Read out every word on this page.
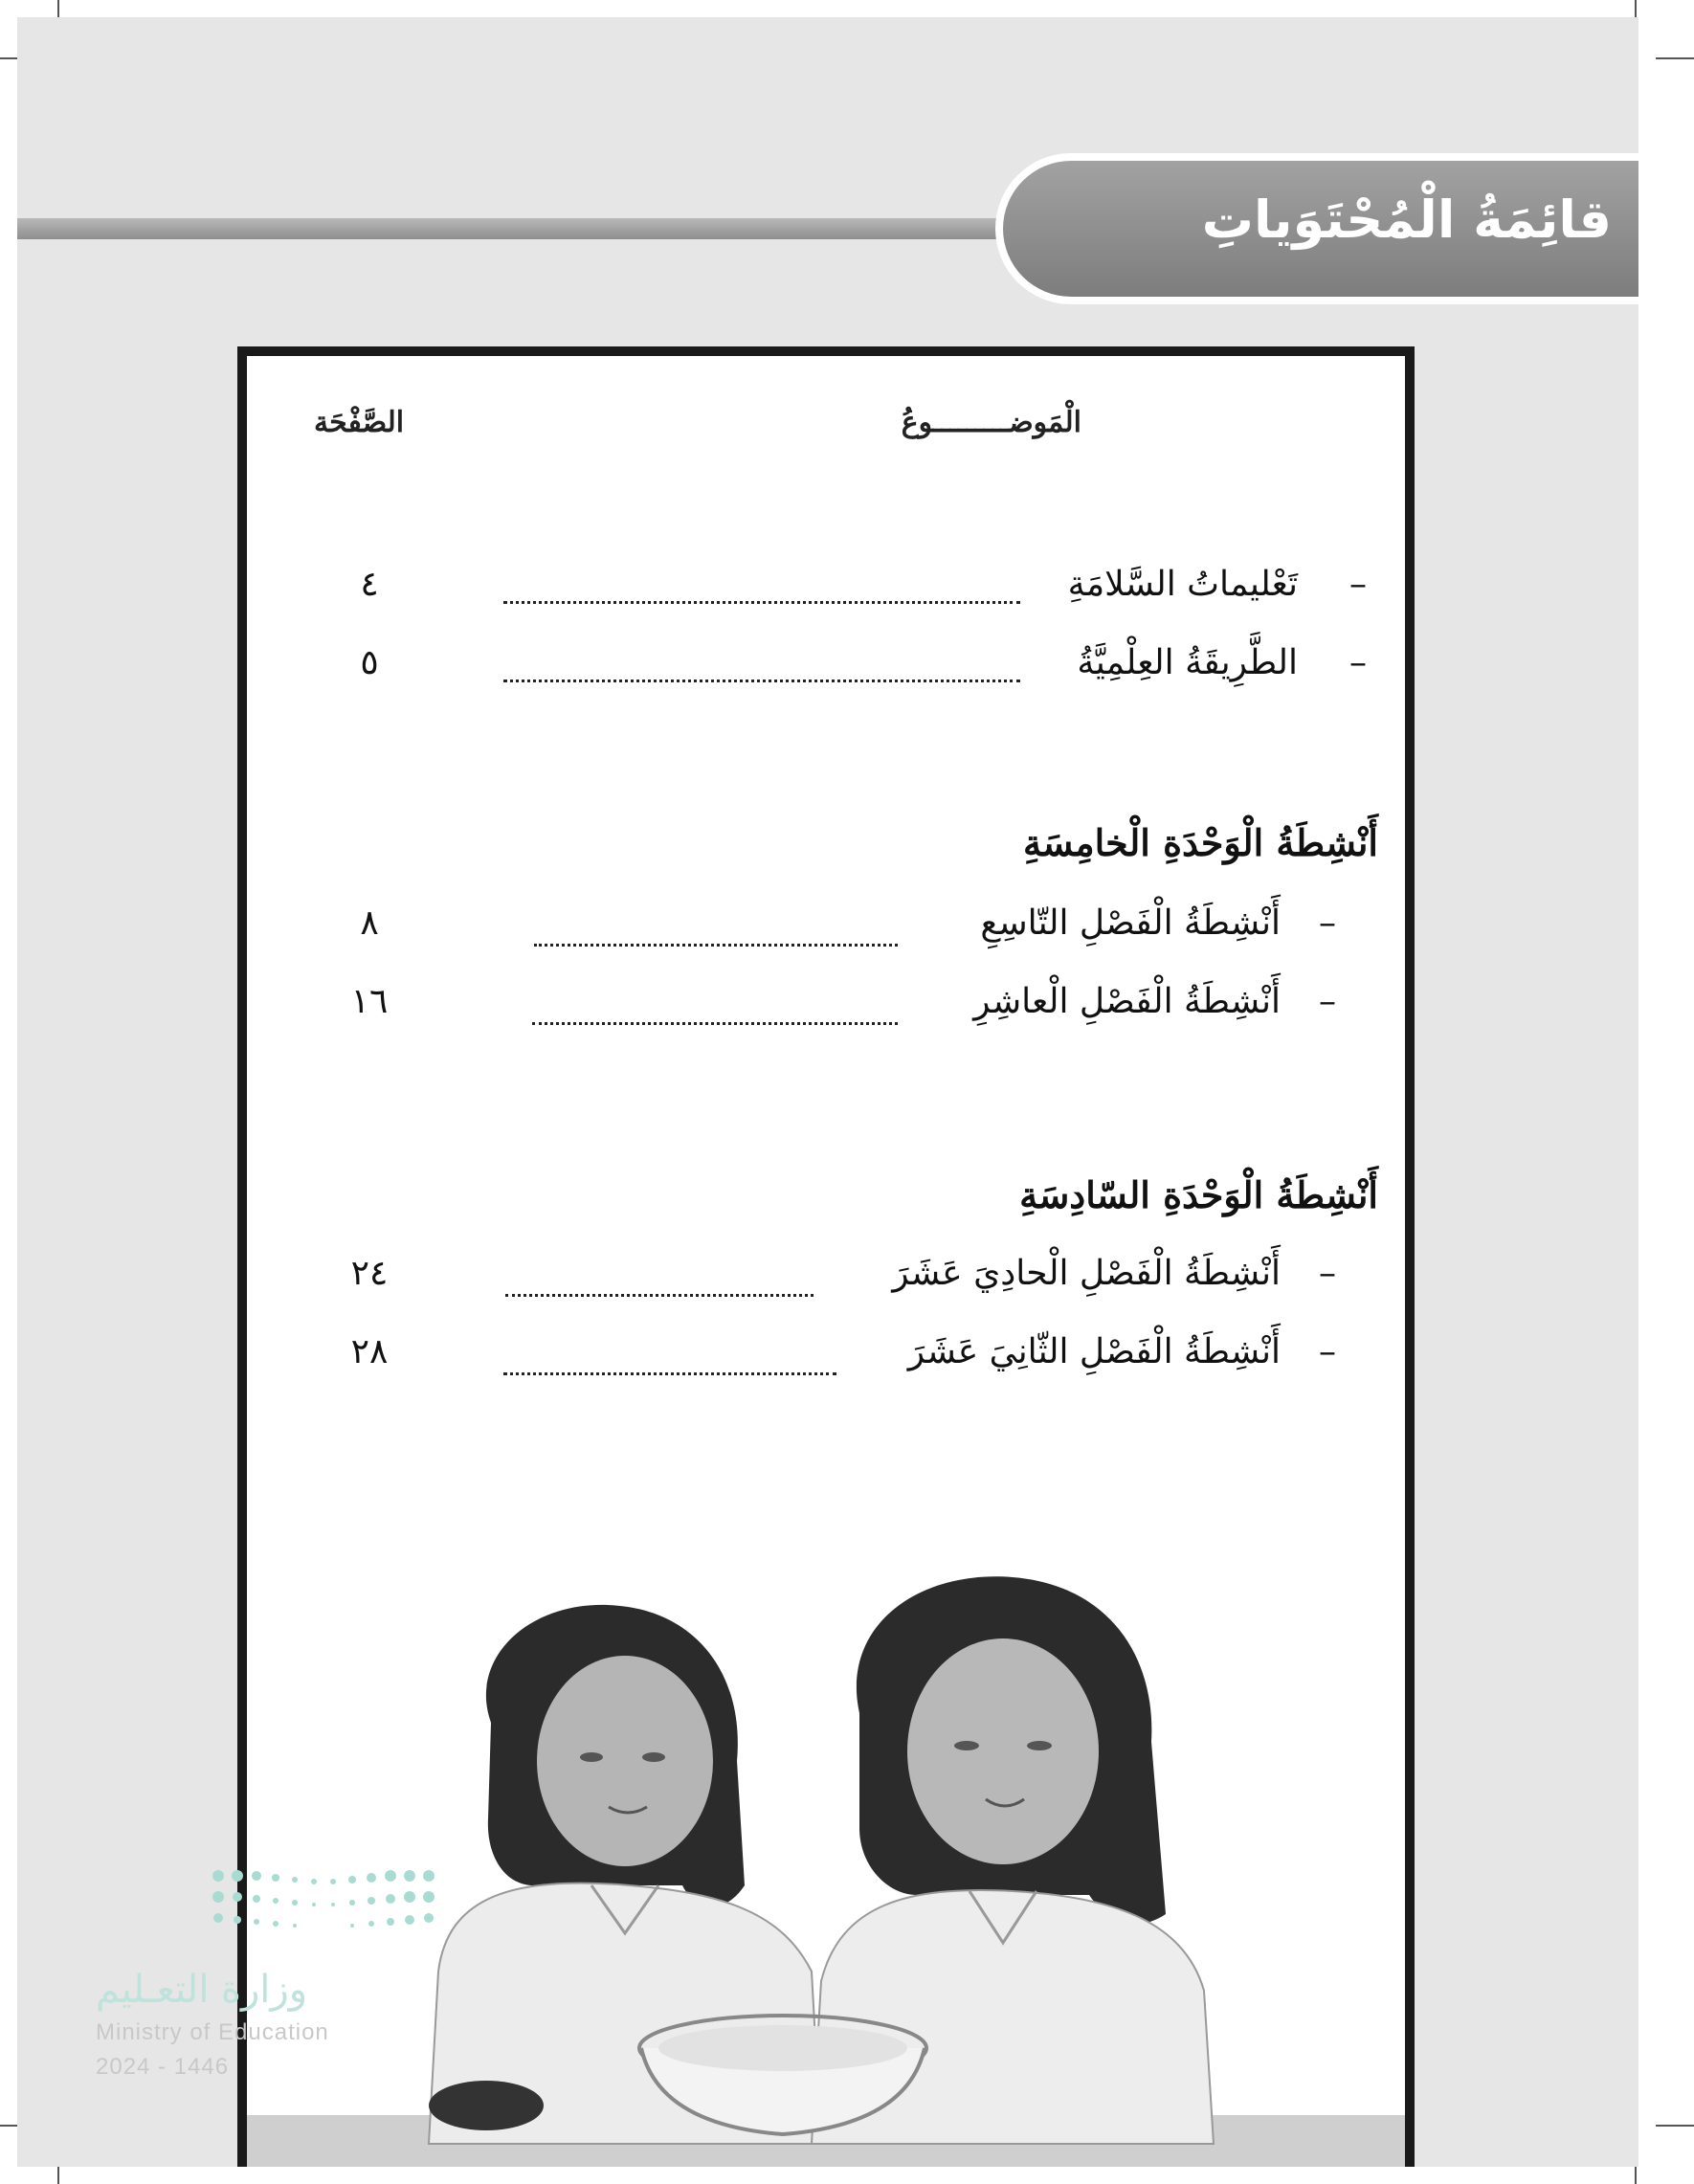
قائِمَةُ الْمُحْتَوَياتِ
الْمَوضـــــــــوعُ
الصَّفْحَة
–
تَعْليماتُ السَّلامَةِ
٤
–
الطَّرِيقَةُ العِلْمِيَّةُ
٥
أَنْشِطَةُ الْوَحْدَةِ الْخامِسَةِ
–
أَنْشِطَةُ الْفَصْلِ التّاسِعِ
٨
–
أَنْشِطَةُ الْفَصْلِ الْعاشِرِ
١٦
أَنْشِطَةُ الْوَحْدَةِ السّادِسَةِ
–
أَنْشِطَةُ الْفَصْلِ الْحادِيَ عَشَرَ
٢٤
–
أَنْشِطَةُ الْفَصْلِ الثّانِيَ عَشَرَ
٢٨
وزارة التعـليم
Ministry of Education
2024 - 1446
